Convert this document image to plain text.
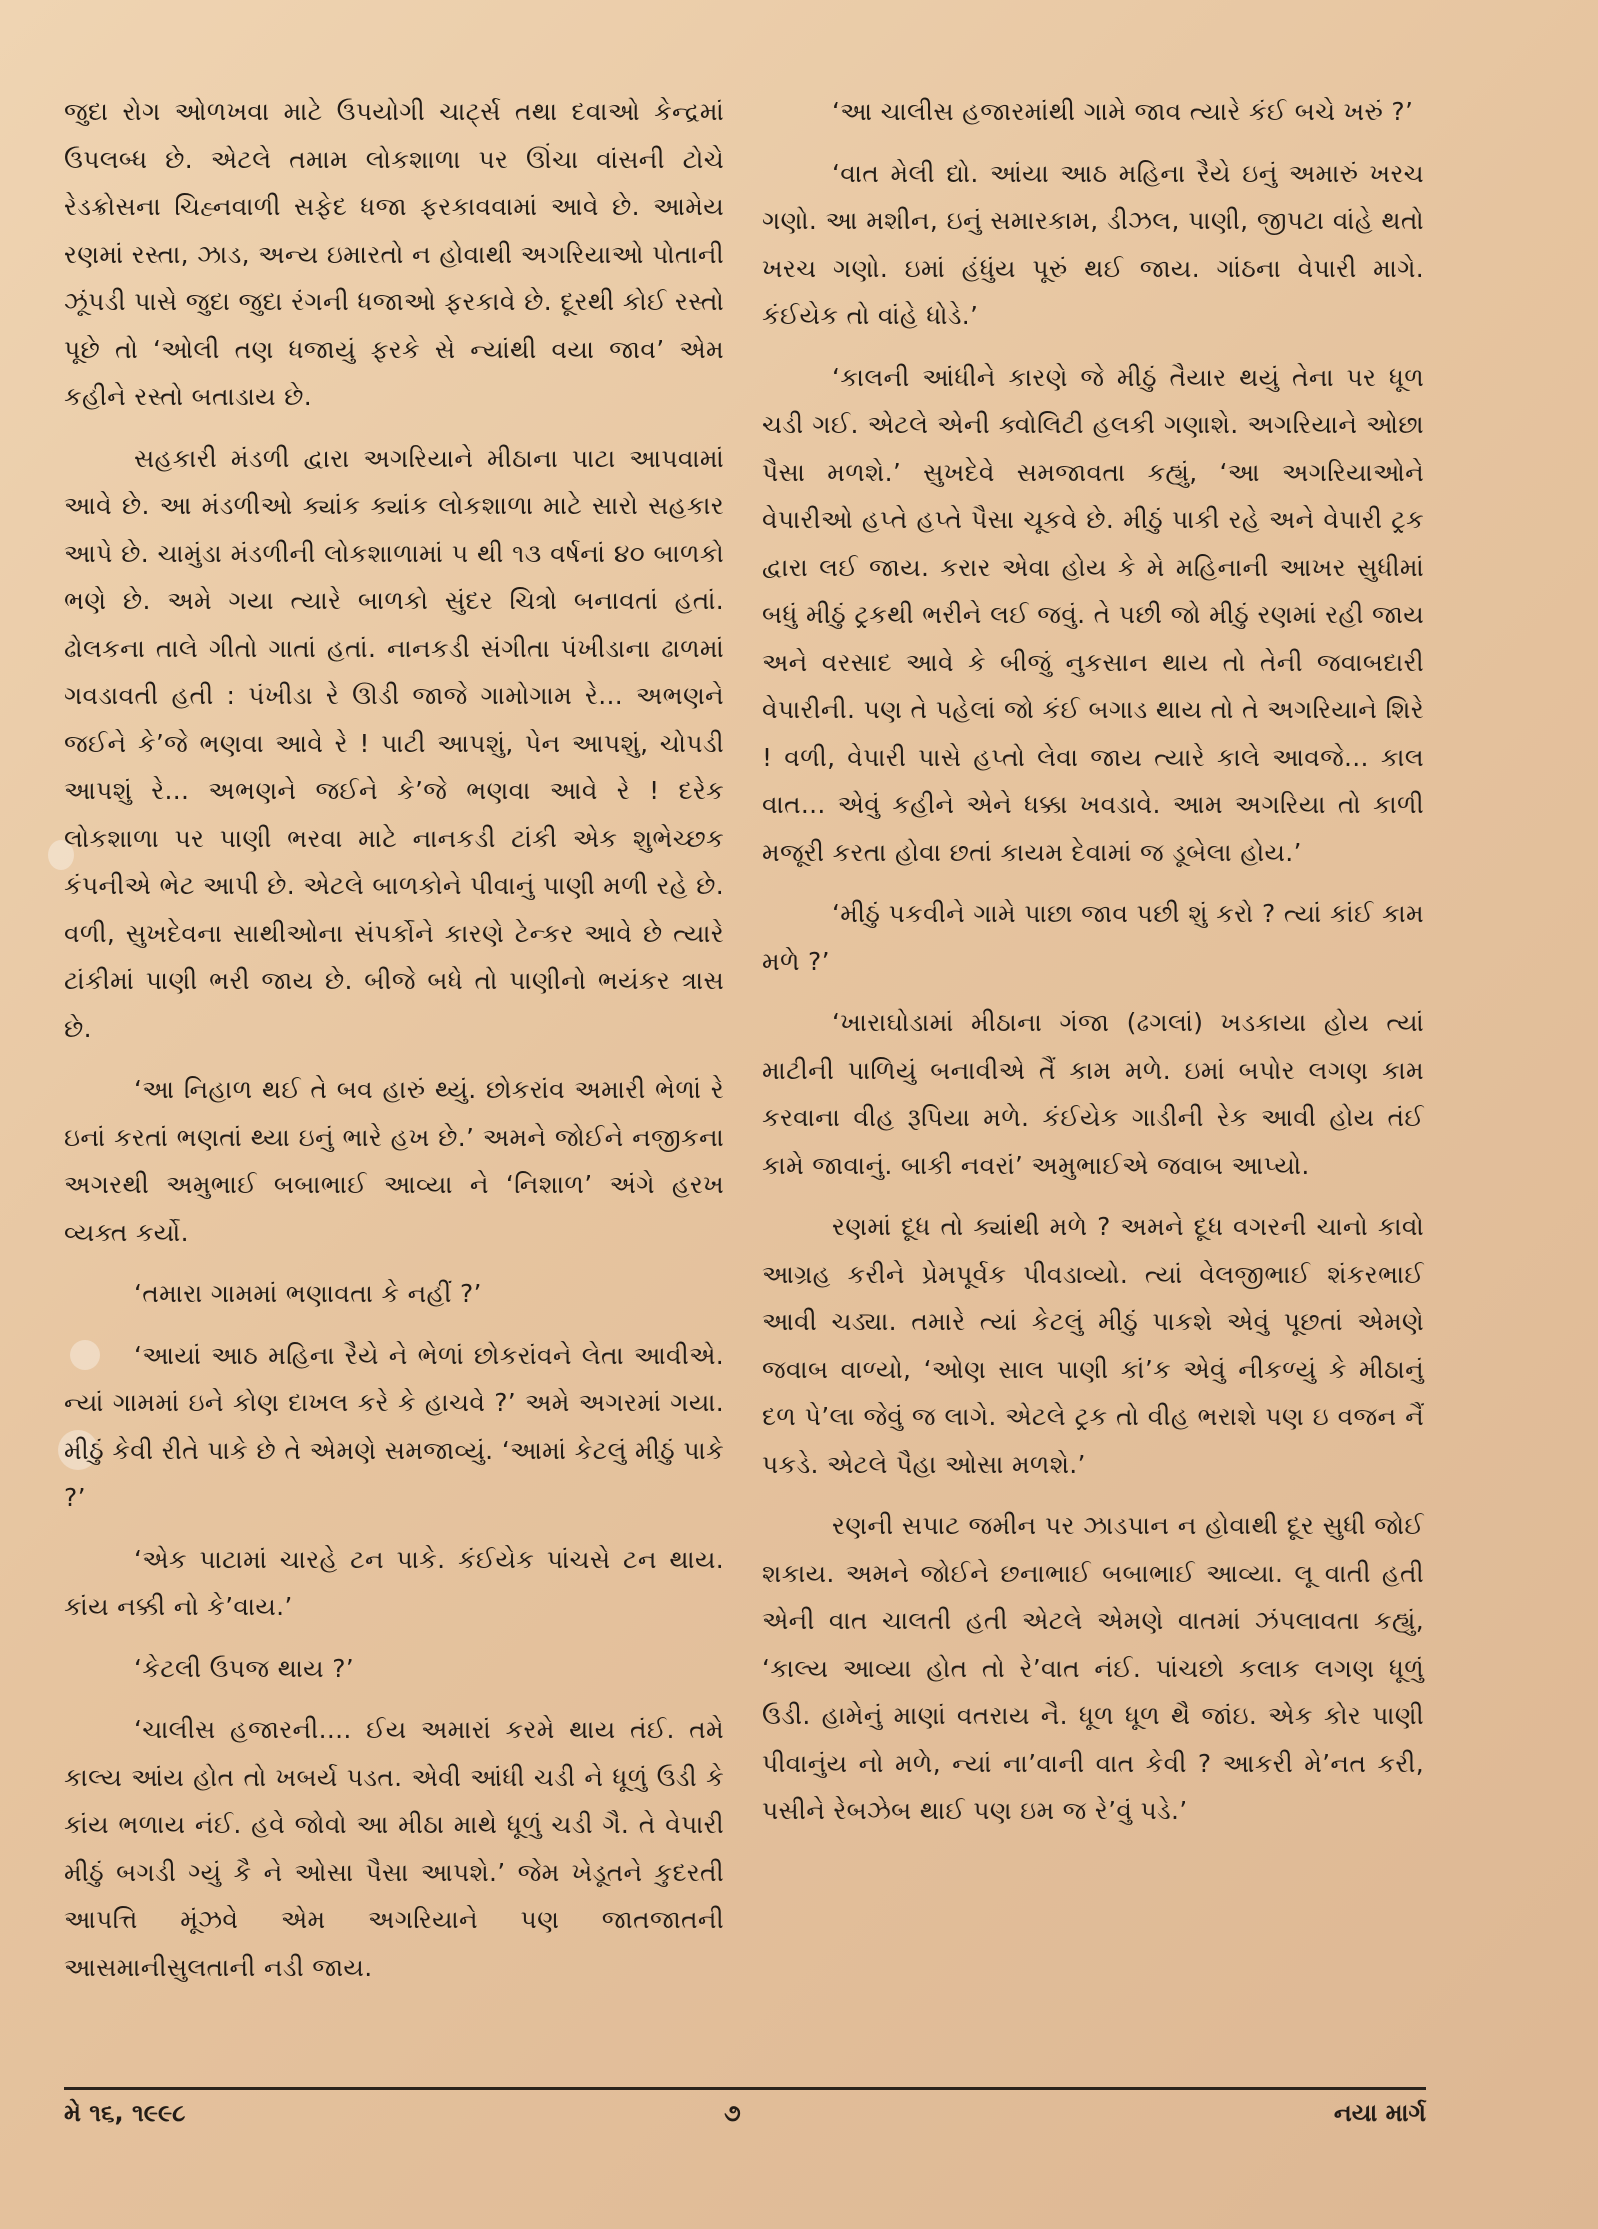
જુદા રોગ ઓળખવા માટે ઉપયોગી ચાર્ટ્સ તથા દવાઓ કેન્દ્રમાં ઉપલબ્ધ છે. એટલે તમામ લોકશાળા પર ઊંચા વાંસની ટોચે રેડક્રોસના ચિહ્નવાળી સફેદ ધજા ફરકાવવામાં આવે છે. આમેય રણમાં રસ્તા, ઝાડ, અન્ય ઇમારતો ન હોવાથી અગરિયાઓ પોતાની ઝૂંપડી પાસે જુદા જુદા રંગની ધજાઓ ફરકાવે છે. દૂરથી કોઈ રસ્તો પૂછે તો ‘ઓલી તણ ધજાયું ફરકે સે ન્યાંથી વયા જાવ’ એમ કહીને રસ્તો બતાડાય છે.

સહકારી મંડળી દ્વારા અગરિયાને મીઠાના પાટા આપવામાં આવે છે. આ મંડળીઓ ક્યાંક ક્યાંક લોકશાળા માટે સારો સહકાર આપે છે. ચામુંડા મંડળીની લોકશાળામાં ૫ થી ૧૩ વર્ષનાં ૪૦ બાળકો ભણે છે. અમે ગયા ત્યારે બાળકો સુંદર ચિત્રો બનાવતાં હતાં. ઢોલકના તાલે ગીતો ગાતાં હતાં. નાનકડી સંગીતા પંખીડાના ઢાળમાં ગવડાવતી હતી : પંખીડા રે ઊડી જાજે ગામોગામ રે... અભણને જઈને કે’જે ભણવા આવે રે ! પાટી આપશું, પેન આપશું, ચોપડી આપશું રે... અભણને જઈને કે’જે ભણવા આવે રે ! દરેક લોકશાળા પર પાણી ભરવા માટે નાનકડી ટાંકી એક શુભેચ્છક કંપનીએ ભેટ આપી છે. એટલે બાળકોને પીવાનું પાણી મળી રહે છે. વળી, સુખદેવના સાથીઓના સંપર્કોને કારણે ટેન્કર આવે છે ત્યારે ટાંકીમાં પાણી ભરી જાય છે. બીજે બધે તો પાણીનો ભયંકર ત્રાસ છે.

‘આ નિહાળ થઈ તે બવ હારું થ્યું. છોકરાંવ અમારી ભેળાં રે ઇનાં કરતાં ભણતાં થ્યા ઇનું ભારે હખ છે.’ અમને જોઈને નજીકના અગરથી અમુભાઈ બબાભાઈ આવ્યા ને ‘નિશાળ’ અંગે હરખ વ્યક્ત કર્યો.

‘તમારા ગામમાં ભણાવતા કે નહીં ?’

‘આયાં આઠ મહિના રૈયે ને ભેળાં છોકરાંવને લેતા આવીએ. ન્યાં ગામમાં ઇને કોણ દાખલ કરે કે હાચવે ?’ અમે અગરમાં ગયા. મીઠું કેવી રીતે પાકે છે તે એમણે સમજાવ્યું. ‘આમાં કેટલું મીઠું પાકે ?’

‘એક પાટામાં ચારહે ટન પાકે. કંઈયેક પાંચસે ટન થાય. કાંય નક્કી નો કે’વાય.’

‘કેટલી ઉપજ થાય ?’

‘ચાલીસ હજારની.... ઈય અમારાં કરમે થાય તંઈ. તમે કાલ્ય આંય હોત તો ખબર્ય પડત. એવી આંધી ચડી ને ધૂળું ઉડી કે કાંય ભળાય નંઈ. હવે જોવો આ મીઠા માથે ધૂળું ચડી ગૈ. તે વેપારી મીઠું બગડી ગ્યું કૈ ને ઓસા પૈસા આપશે.’ જેમ ખેડૂતને કુદરતી આપત્તિ મૂંઝવે એમ અગરિયાને પણ જાતજાતની આસમાનીસુલતાની નડી જાય.

‘આ ચાલીસ હજારમાંથી ગામે જાવ ત્યારે કંઈ બચે ખરું ?’

‘વાત મેલી દ્યો. આંયા આઠ મહિના રૈયે ઇનું અમારું ખરચ ગણો. આ મશીન, ઇનું સમારકામ, ડીઝલ, પાણી, જીપટા વાંહે થતો ખરચ ગણો. ઇમાં હંધુંય પૂરું થઈ જાય. ગાંઠના વેપારી માગે. કંઈયેક તો વાંહે ધોડે.’

‘કાલની આંધીને કારણે જે મીઠું તૈયાર થયું તેના પર ધૂળ ચડી ગઈ. એટલે એની ક્વોલિટી હલકી ગણાશે. અગરિયાને ઓછા પૈસા મળશે.’ સુખદેવે સમજાવતા કહ્યું, ‘આ અગરિયાઓને વેપારીઓ હપ્તે હપ્તે પૈસા ચૂકવે છે. મીઠું પાકી રહે અને વેપારી ટ્રક દ્વારા લઈ જાય. કરાર એવા હોય કે મે મહિનાની આખર સુધીમાં બધું મીઠું ટ્રકથી ભરીને લઈ જવું. તે પછી જો મીઠું રણમાં રહી જાય અને વરસાદ આવે કે બીજું નુકસાન થાય તો તેની જવાબદારી વેપારીની. પણ તે પહેલાં જો કંઈ બગાડ થાય તો તે અગરિયાને શિરે ! વળી, વેપારી પાસે હપ્તો લેવા જાય ત્યારે કાલે આવજે... કાલ વાત... એવું કહીને એને ધક્કા ખવડાવે. આમ અગરિયા તો કાળી મજૂરી કરતા હોવા છતાં કાયમ દેવામાં જ ડૂબેલા હોય.’

‘મીઠું પકવીને ગામે પાછા જાવ પછી શું કરો ? ત્યાં કાંઈ કામ મળે ?’

‘ખારાઘોડામાં મીઠાના ગંજા (ઢગલાં) ખડકાયા હોય ત્યાં માટીની પાળિયું બનાવીએ તૈં કામ મળે. ઇમાં બપોર લગણ કામ કરવાના વીહ રૂપિયા મળે. કંઈયેક ગાડીની રેક આવી હોય તંઈ કામે જાવાનું. બાકી નવરાં’ અમુભાઈએ જવાબ આપ્યો.

રણમાં દૂધ તો ક્યાંથી મળે ? અમને દૂધ વગરની ચાનો કાવો આગ્રહ કરીને પ્રેમપૂર્વક પીવડાવ્યો. ત્યાં વેલજીભાઈ શંકરભાઈ આવી ચડ્યા. તમારે ત્યાં કેટલું મીઠું પાકશે એવું પૂછતાં એમણે જવાબ વાળ્યો, ‘ઓણ સાલ પાણી કાં’ક એવું નીકળ્યું કે મીઠાનું દળ પે’લા જેવું જ લાગે. એટલે ટ્રક તો વીહ ભરાશે પણ ઇ વજન નૈં પકડે. એટલે પૈહા ઓસા મળશે.’

રણની સપાટ જમીન પર ઝાડપાન ન હોવાથી દૂર સુધી જોઈ શકાય. અમને જોઈને છનાભાઈ બબાભાઈ આવ્યા. લૂ વાતી હતી એની વાત ચાલતી હતી એટલે એમણે વાતમાં ઝંપલાવતા કહ્યું, ‘કાલ્ય આવ્યા હોત તો રે’વાત નંઈ. પાંચછો કલાક લગણ ધૂળું ઉડી. હામેનું માણાં વતરાય નૈ. ધૂળ ધૂળ થૈ જાંઇ. એક કોર પાણી પીવાનુંય નો મળે, ન્યાં ના’વાની વાત કેવી ? આકરી મે’નત કરી, પસીને રેબઝેબ થાઈ પણ ઇમ જ રે’વું પડે.’

મે ૧૬, ૧૯૯૮	૭	નયા માર્ગ
